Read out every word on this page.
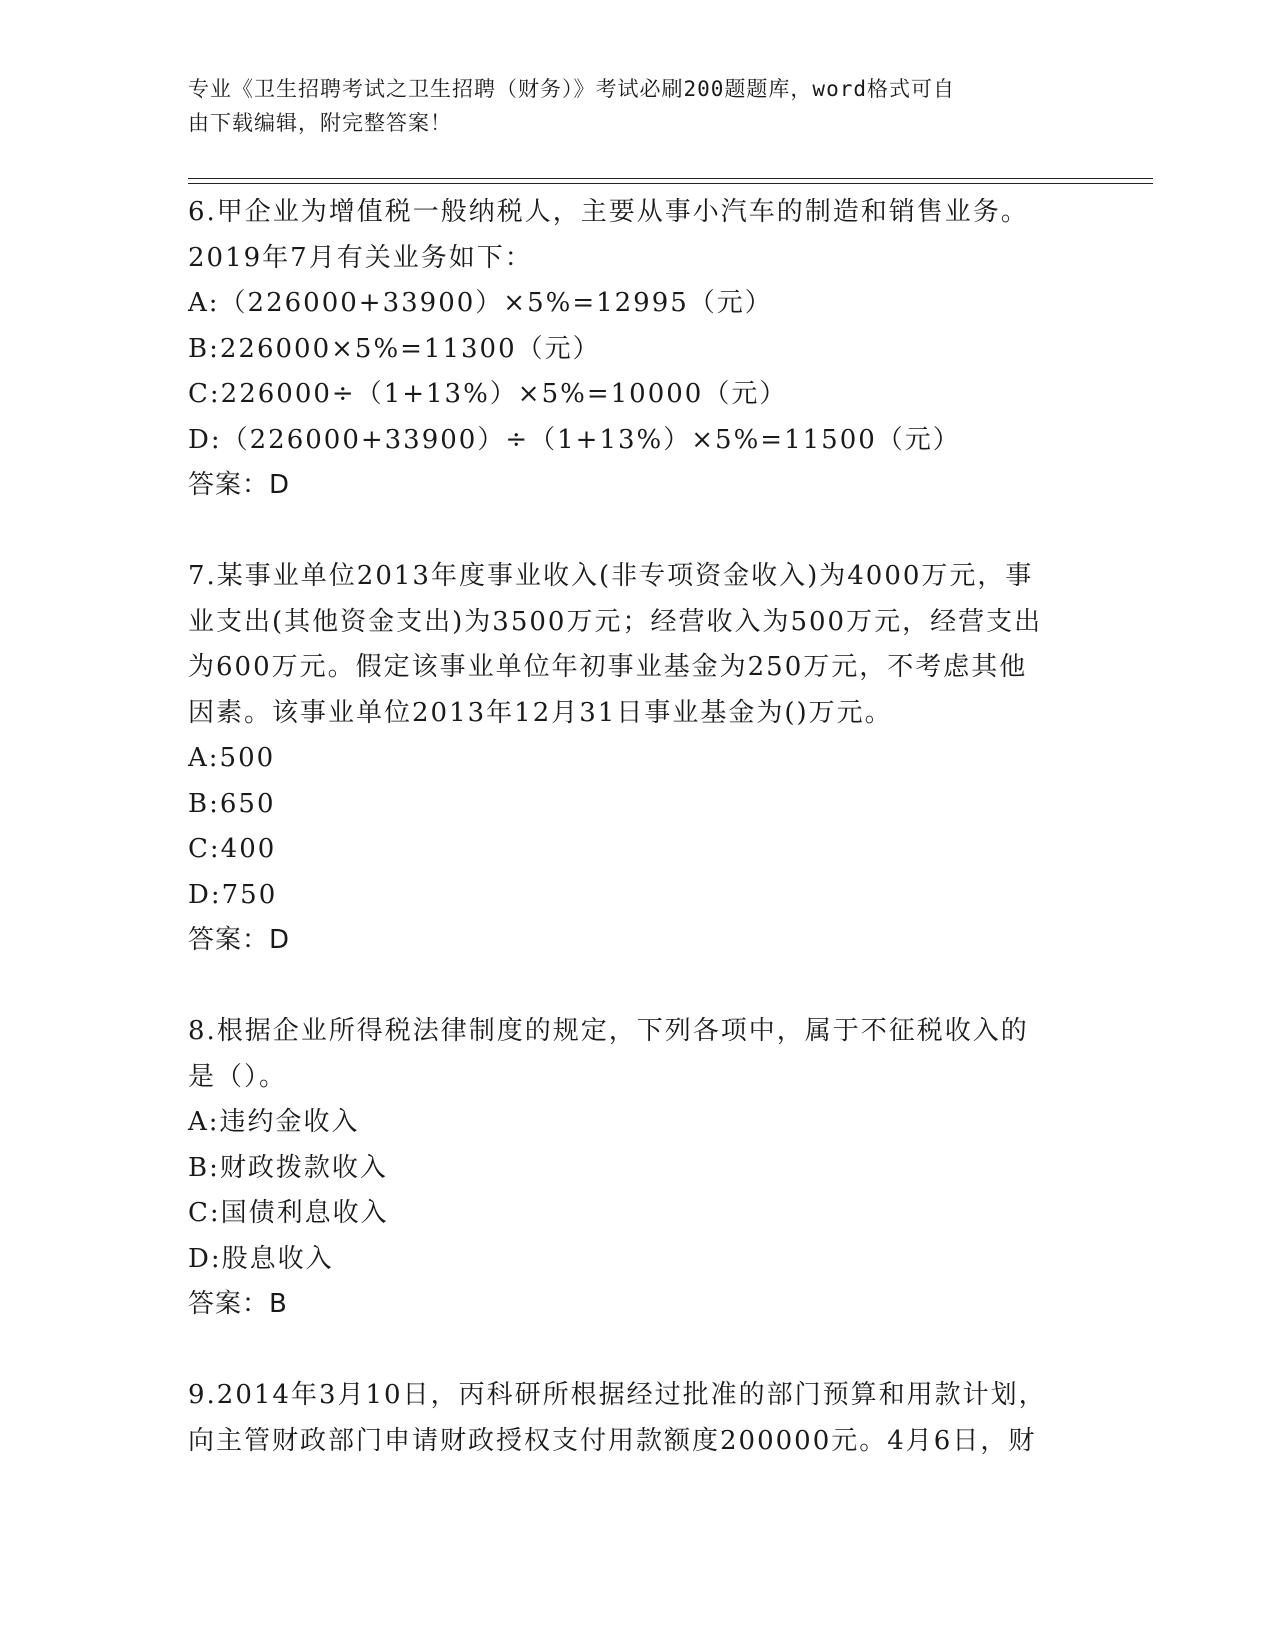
专业《卫生招聘考试之卫生招聘（财务）》考试必刷200题题库，word格式可自
由下载编辑，附完整答案！
6.甲企业为增值税一般纳税人，主要从事小汽车的制造和销售业务。
2019年7月有关业务如下：
A:（226000+33900）×5%=12995（元）
B:226000×5%=11300（元）
C:226000÷（1+13%）×5%=10000（元）
D:（226000+33900）÷（1+13%）×5%=11500（元）
答案：D
7.某事业单位2013年度事业收入(非专项资金收入)为4000万元，事
业支出(其他资金支出)为3500万元；经营收入为500万元，经营支出
为600万元。假定该事业单位年初事业基金为250万元，不考虑其他
因素。该事业单位2013年12月31日事业基金为()万元。
A:500
B:650
C:400
D:750
答案：D
8.根据企业所得税法律制度的规定，下列各项中，属于不征税收入的
是（）。
A:违约金收入
B:财政拨款收入
C:国债利息收入
D:股息收入
答案：B
9.2014年3月10日，丙科研所根据经过批准的部门预算和用款计划，
向主管财政部门申请财政授权支付用款额度200000元。4月6日，财
